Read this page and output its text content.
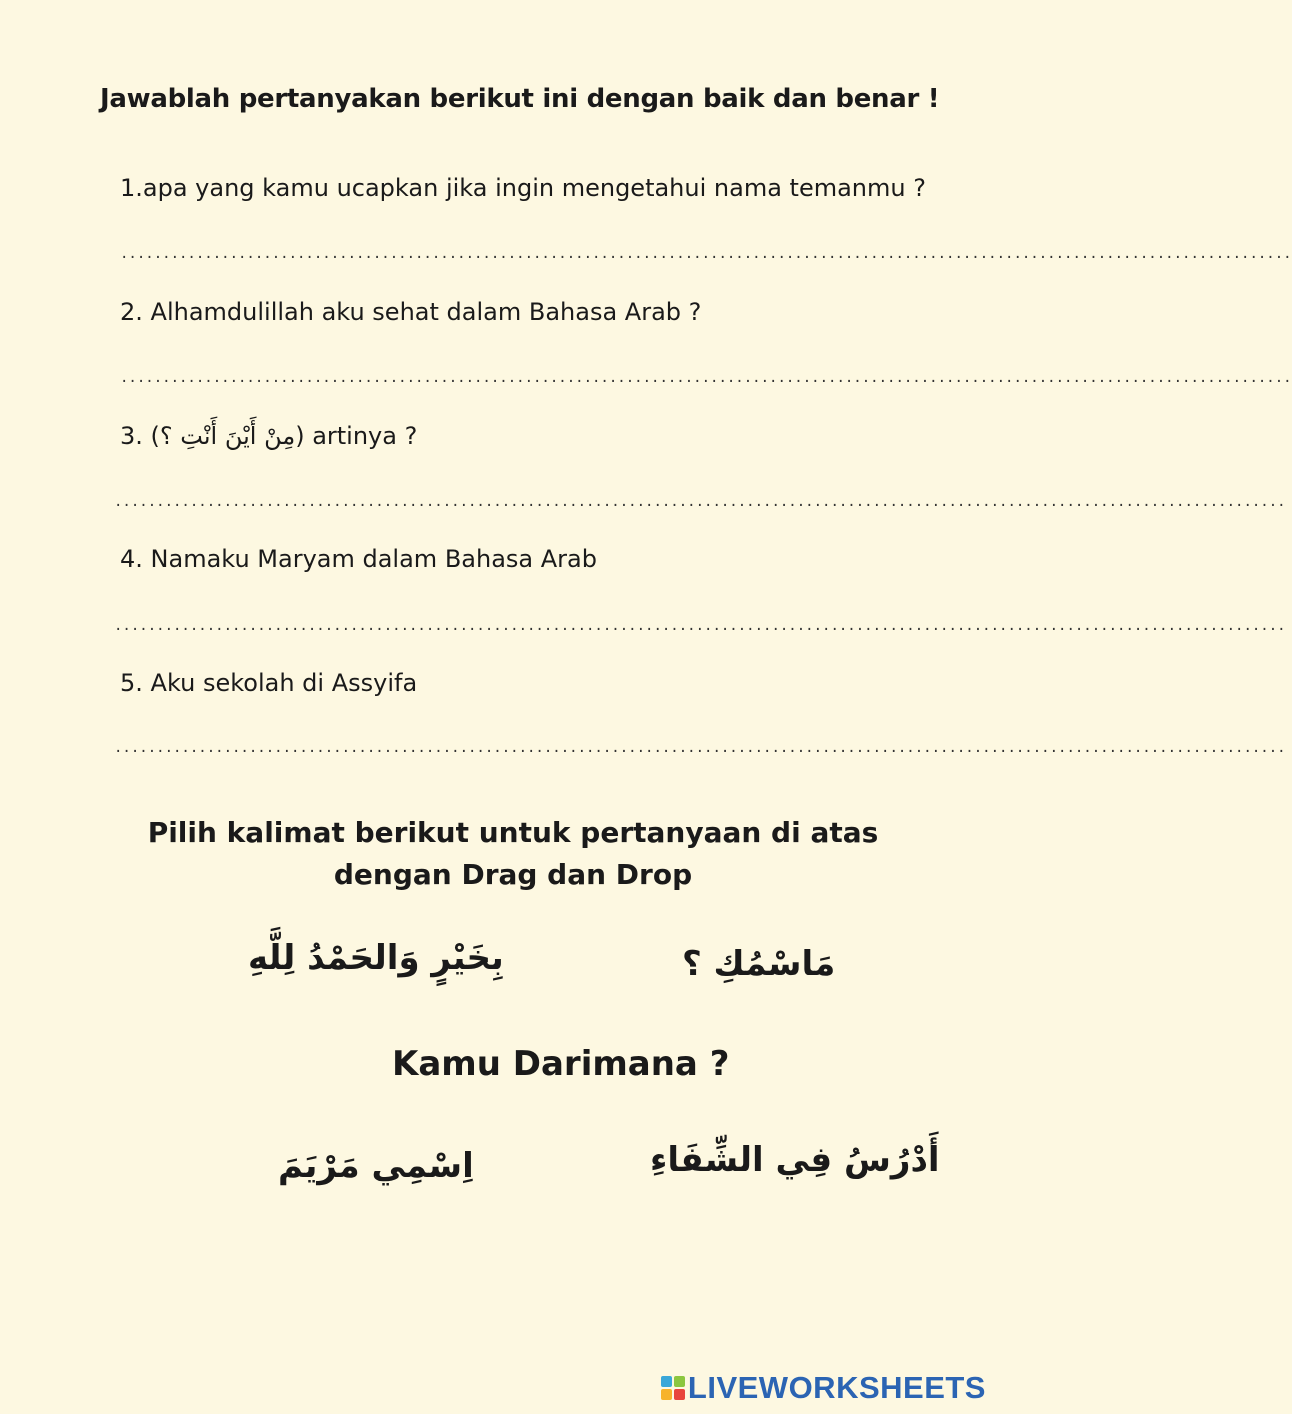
Jawablah pertanyakan berikut ini dengan baik dan benar !
1.apa yang kamu ucapkan jika ingin mengetahui nama temanmu ?
...........................................................................................................................................
2. Alhamdulillah aku sehat dalam Bahasa Arab ?
...........................................................................................................................................
3. (مِنْ أَيْنَ أَنْتِ ؟) artinya ?
...........................................................................................................................................
4. Namaku Maryam dalam Bahasa Arab
...........................................................................................................................................
5. Aku sekolah di Assyifa
...........................................................................................................................................
Pilih kalimat berikut untuk pertanyaan di atas
dengan Drag dan Drop
بِخَيْرٍ وَالحَمْدُ لِلَّهِ	مَاسْمُكِ ؟
Kamu Darimana ?
اِسْمِي مَرْيَمَ	أَدْرُسُ فِي الشِّفَاءِ
LIVEWORKSHEETS
